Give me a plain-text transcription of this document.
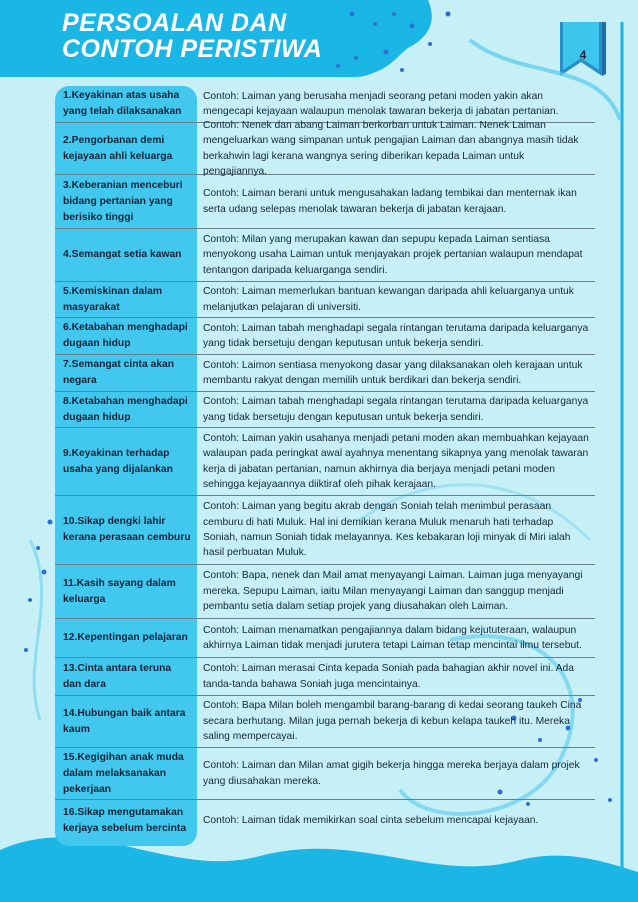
PERSOALAN DAN
CONTOH PERISTIWA	4
1.Keyakinan atas usaha yang telah dilaksanakan
Contoh: Laiman yang berusaha menjadi seorang petani moden yakin akan mengecapi kejayaan walaupun menolak tawaran bekerja di jabatan pertanian.
2.Pengorbanan demi kejayaan ahli keluarga
Contoh: Nenek dan abang Laiman berkorban untuk Laiman. Nenek Laiman mengeluarkan wang simpanan untuk pengajian Laiman dan abangnya masih tidak berkahwin lagi kerana wangnya sering diberikan kepada Laiman untuk pengajiannya.
3.Keberanian menceburi bidang pertanian yang berisiko tinggi
Contoh: Laiman berani untuk mengusahakan ladang tembikai dan menternak ikan serta udang selepas menolak tawaran bekerja di jabatan kerajaan.
4.Semangat setia kawan
Contoh: Milan yang merupakan kawan dan sepupu kepada Laiman sentiasa menyokong usaha Laiman untuk menjayakan projek pertanian walaupun mendapat tentangon daripada keluarganga sendiri.
5.Kemiskinan dalam masyarakat
Contoh: Laiman memerlukan bantuan kewangan daripada ahli keluarganya untuk melanjutkan pelajaran di universiti.
6.Ketabahan menghadapi dugaan hidup
Contoh: Laiman tabah menghadapi segala rintangan terutama daripada keluarganya yang tidak bersetuju dengan keputusan untuk bekerja sendiri.
7.Semangat cinta akan negara
Contoh: Laimon sentiasa menyokong dasar yang dilaksanakan oleh kerajaan untuk membantu rakyat dengan memilih untuk berdikari dan bekerja sendiri.
8.Ketabahan menghadapi dugaan hidup
Contoh: Laiman tabah menghadapi segala rintangan terutama daripada keluarganya yang tidak bersetuju dengan keputusan untuk bekerja sendiri.
9.Keyakinan terhadap usaha yang dijalankan
Contoh: Laiman yakin usahanya menjadi petani moden akan membuahkan kejayaan walaupan pada peringkat awal ayahnya menentang sikapnya yang menolak tawaran kerja di jabatan pertanian, namun akhirnya dia berjaya menjadi petani moden sehingga kejayaannya diiktiraf oleh pihak kerajaan.
10.Sikap dengki lahir kerana perasaan cemburu
Contoh: Laiman yang begitu akrab dengan Soniah telah menimbul perasaan cemburu di hati Muluk. Hal ini demikian kerana Muluk menaruh hati terhadap Soniah, namun Soniah tidak melayannya. Kes kebakaran loji minyak di Miri ialah hasil perbuatan Muluk.
11.Kasih sayang dalam keluarga
Contoh: Bapa, nenek dan Mail amat menyayangi Laiman. Laiman juga menyayangi mereka. Sepupu Laiman, iaitu Milan menyayangi Laiman dan sanggup menjadi pembantu setia dalam setiap projek yang diusahakan oleh Laiman.
12.Kepentingan pelajaran
Contoh: Laiman menamatkan pengajiannya dalam bidang kejututeraan, walaupun akhirnya Laiman tidak menjadi jurutera tetapi Laiman tetap mencintai ilmu tersebut.
13.Cinta antara teruna dan dara
Contoh: Laiman merasai Cinta kepada Soniah pada bahagian akhir novel ini. Ada tanda-tanda bahawa Soniah juga mencintainya.
14.Hubungan baik antara kaum
Contoh: Bapa Milan boleh mengambil barang-barang di kedai seorang taukeh Cina secara berhutang. Milan juga pernah bekerja di kebun kelapa taukeh itu. Mereka saling mempercayai.
15.Kegigihan anak muda dalam melaksanakan pekerjaan
Contoh: Laiman dan Milan amat gigih bekerja hingga mereka berjaya dalam projek yang diusahakan mereka.
16.Sikap mengutamakan kerjaya sebelum bercinta
Contoh: Laiman tidak memikirkan soal cinta sebelum mencapai kejayaan.
